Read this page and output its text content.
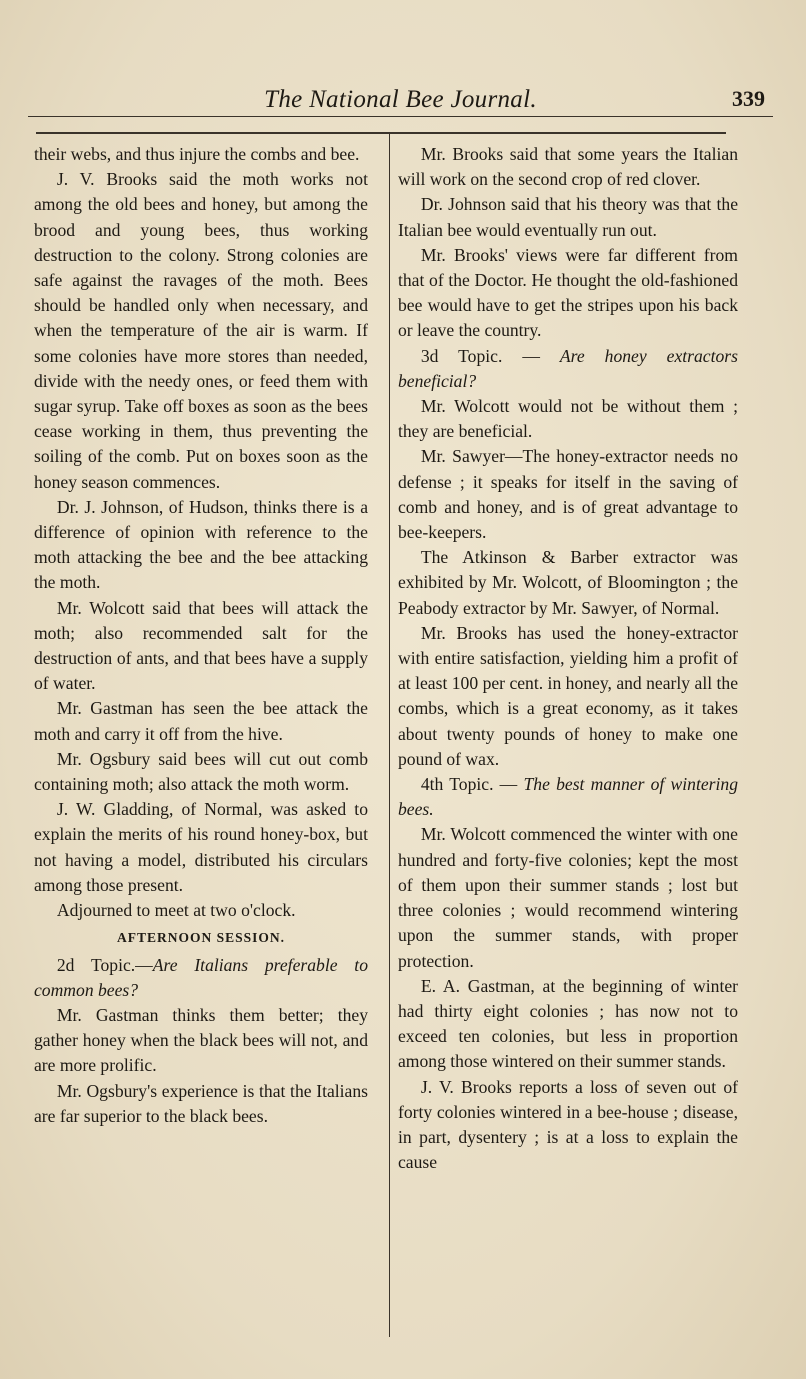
The National Bee Journal.	339

their webs, and thus injure the combs and bee.

J. V. Brooks said the moth works not among the old bees and honey, but among the brood and young bees, thus working destruction to the colony. Strong colonies are safe against the ravages of the moth. Bees should be handled only when necessary, and when the temperature of the air is warm. If some colonies have more stores than needed, divide with the needy ones, or feed them with sugar syrup. Take off boxes as soon as the bees cease working in them, thus preventing the soiling of the comb. Put on boxes soon as the honey season commences.

Dr. J. Johnson, of Hudson, thinks there is a difference of opinion with reference to the moth attacking the bee and the bee attacking the moth.

Mr. Wolcott said that bees will attack the moth; also recommended salt for the destruction of ants, and that bees have a supply of water.

Mr. Gastman has seen the bee attack the moth and carry it off from the hive.

Mr. Ogsbury said bees will cut out comb containing moth; also attack the moth worm.

J. W. Gladding, of Normal, was asked to explain the merits of his round honey-box, but not having a model, distributed his circulars among those present.

Adjourned to meet at two o'clock.

AFTERNOON SESSION.

2d Topic.—Are Italians preferable to common bees?

Mr. Gastman thinks them better; they gather honey when the black bees will not, and are more prolific.

Mr. Ogsbury's experience is that the Italians are far superior to the black bees.

Mr. Brooks said that some years the Italian will work on the second crop of red clover.

Dr. Johnson said that his theory was that the Italian bee would eventually run out.

Mr. Brooks' views were far different from that of the Doctor. He thought the old-fashioned bee would have to get the stripes upon his back or leave the country.

3d Topic. — Are honey extractors beneficial?

Mr. Wolcott would not be without them ; they are beneficial.

Mr. Sawyer—The honey-extractor needs no defense ; it speaks for itself in the saving of comb and honey, and is of great advantage to bee-keepers.

The Atkinson & Barber extractor was exhibited by Mr. Wolcott, of Bloomington ; the Peabody extractor by Mr. Sawyer, of Normal.

Mr. Brooks has used the honey-extractor with entire satisfaction, yielding him a profit of at least 100 per cent. in honey, and nearly all the combs, which is a great economy, as it takes about twenty pounds of honey to make one pound of wax.

4th Topic. — The best manner of wintering bees.

Mr. Wolcott commenced the winter with one hundred and forty-five colonies; kept the most of them upon their summer stands ; lost but three colonies ; would recommend wintering upon the summer stands, with proper protection.

E. A. Gastman, at the beginning of winter had thirty eight colonies ; has now not to exceed ten colonies, but less in proportion among those wintered on their summer stands.

J. V. Brooks reports a loss of seven out of forty colonies wintered in a bee-house ; disease, in part, dysentery ; is at a loss to explain the cause
